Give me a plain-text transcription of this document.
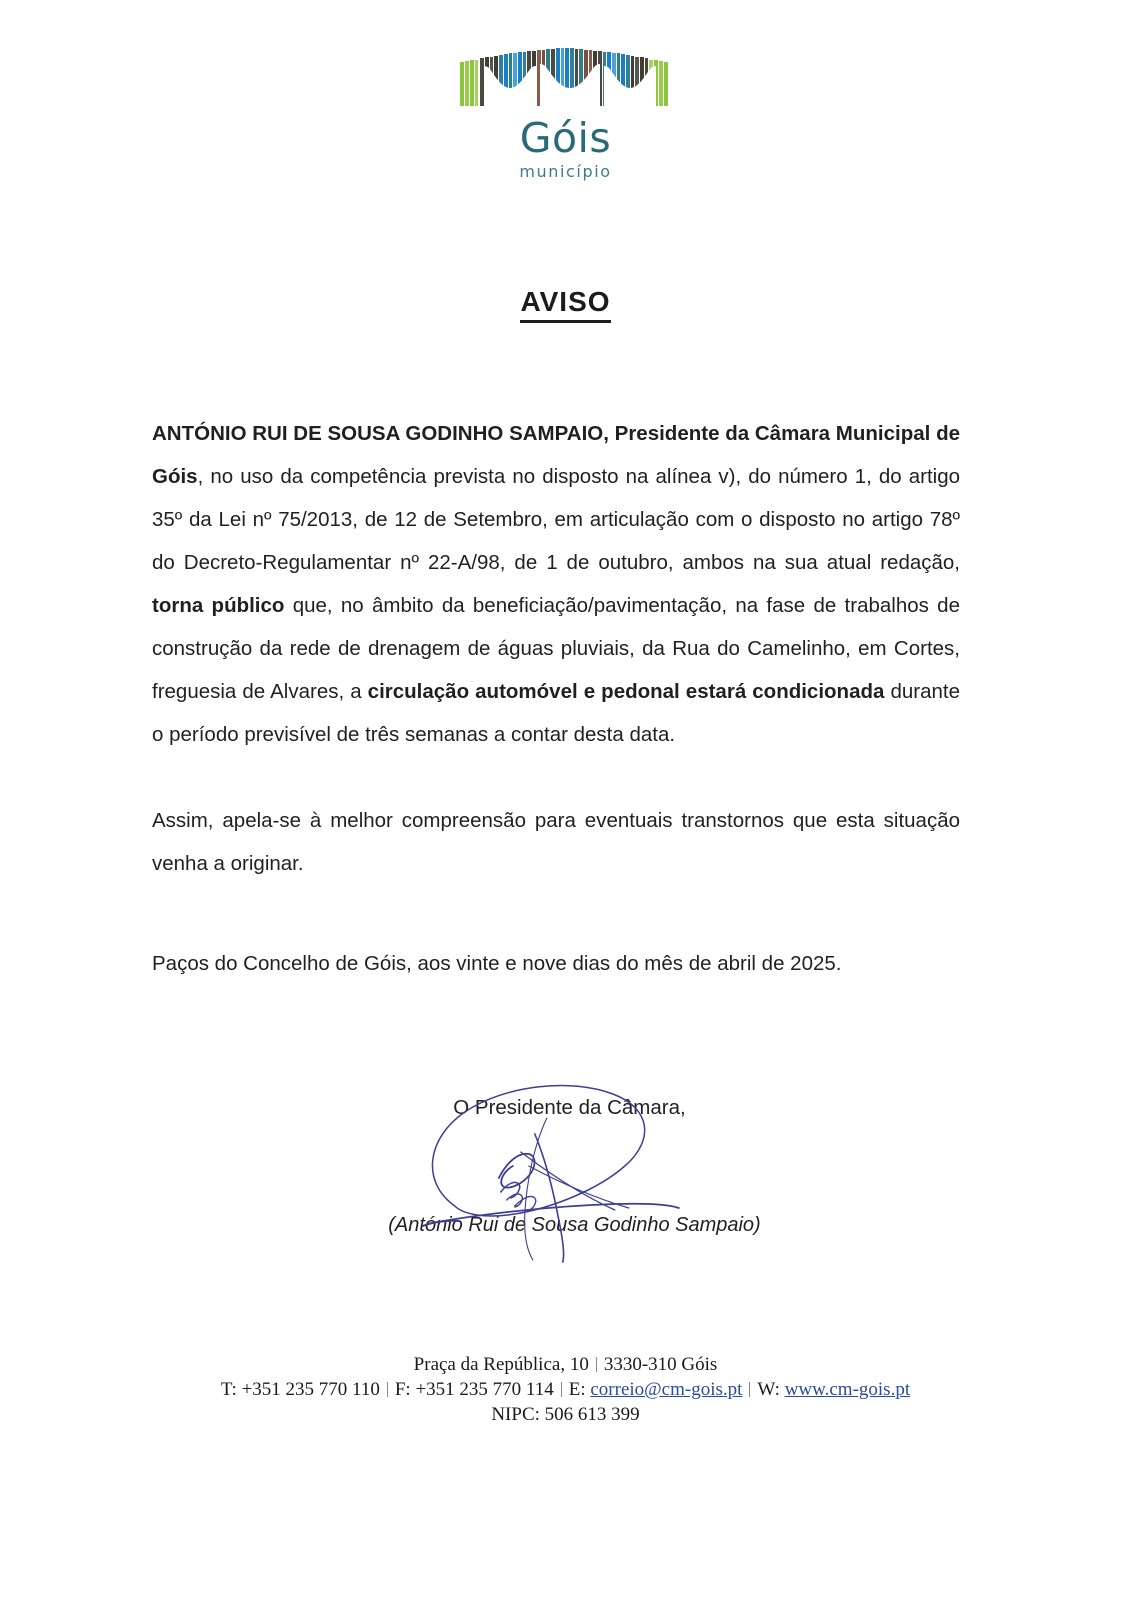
Góis
município
AVISO

ANTÓNIO RUI DE SOUSA GODINHO SAMPAIO, Presidente da Câmara Municipal de Góis, no uso da competência prevista no disposto na alínea v), do número 1, do artigo 35º da Lei nº 75/2013, de 12 de Setembro, em articulação com o disposto no artigo 78º do Decreto-Regulamentar nº 22-A/98, de 1 de outubro, ambos na sua atual redação, torna público que, no âmbito da beneficiação/pavimentação, na fase de trabalhos de construção da rede de drenagem de águas pluviais, da Rua do Camelinho, em Cortes, freguesia de Alvares, a circulação automóvel e pedonal estará condicionada durante o período previsível de três semanas a contar desta data.

Assim, apela-se à melhor compreensão para eventuais transtornos que esta situação venha a originar.

Paços do Concelho de Góis, aos vinte e nove dias do mês de abril de 2025.
O Presidente da Câmara,
(António Rui de Sousa Godinho Sampaio)
Praça da República, 10 3330-310 Góis
T: +351 235 770 110 F: +351 235 770 114 E: correio@cm-gois.pt W: www.cm-gois.pt
NIPC: 506 613 399
